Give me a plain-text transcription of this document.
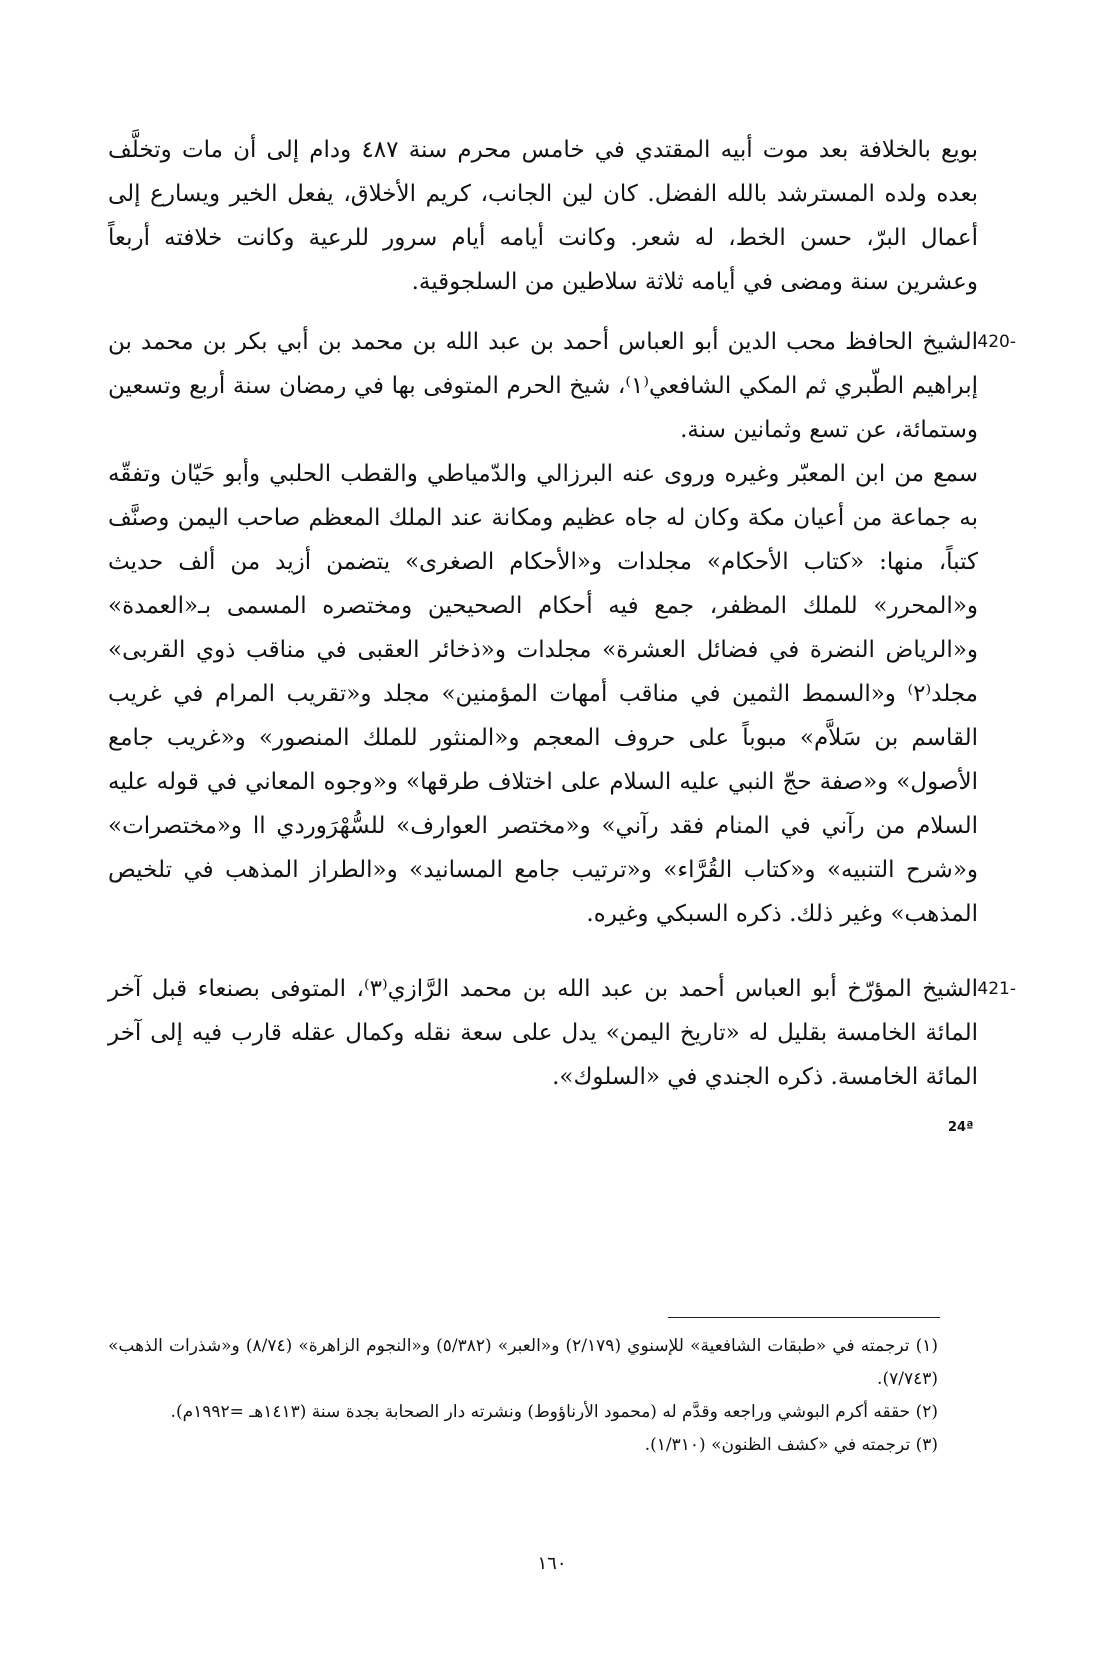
بويع بالخلافة بعد موت أبيه المقتدي في خامس محرم سنة ٤٨٧ ودام إلى أن مات وتخلَّف بعده ولده المسترشد بالله الفضل. كان لين الجانب، كريم الأخلاق، يفعل الخير ويسارع إلى أعمال البرّ، حسن الخط، له شعر. وكانت أيامه أيام سرور للرعية وكانت خلافته أربعاً وعشرين سنة ومضى في أيامه ثلاثة سلاطين من السلجوقية.

420-

الشيخ الحافظ محب الدين أبو العباس أحمد بن عبد الله بن محمد بن أبي بكر بن محمد بن إبراهيم الطّبري ثم المكي الشافعي⁽١⁾، شيخ الحرم المتوفى بها في رمضان سنة أربع وتسعين وستمائة، عن تسع وثمانين سنة.

سمع من ابن المعبّر وغيره وروى عنه البرزالي والدّمياطي والقطب الحلبي وأبو حَيّان وتفقّه به جماعة من أعيان مكة وكان له جاه عظيم ومكانة عند الملك المعظم صاحب اليمن وصنَّف كتباً، منها: «كتاب الأحكام» مجلدات و«الأحكام الصغرى» يتضمن أزيد من ألف حديث و«المحرر» للملك المظفر، جمع فيه أحكام الصحيحين ومختصره المسمى بـ«العمدة» و«الرياض النضرة في فضائل العشرة» مجلدات و«ذخائر العقبى في مناقب ذوي القربى» مجلد⁽٢⁾ و«السمط الثمين في مناقب أمهات المؤمنين» مجلد و«تقريب المرام في غريب القاسم بن سَلاَّم» مبوباً على حروف المعجم و«المنثور للملك المنصور» و«غريب جامع الأصول» و«صفة حجّ النبي عليه السلام على اختلاف طرقها» و«وجوه المعاني في قوله عليه السلام من رآني في المنام فقد رآني» و«مختصر العوارف» للسُّهْرَوردي اا و«مختصرات» و«شرح التنبيه» و«كتاب القُرَّاء» و«ترتيب جامع المسانيد» و«الطراز المذهب في تلخيص المذهب» وغير ذلك. ذكره السبكي وغيره.

421-

الشيخ المؤرّخ أبو العباس أحمد بن عبد الله بن محمد الرَّازي⁽٣⁾، المتوفى بصنعاء قبل آخر المائة الخامسة بقليل له «تاريخ اليمن» يدل على سعة نقله وكمال عقله قارب فيه إلى آخر المائة الخامسة. ذكره الجندي في «السلوك».

24ª

(١) ترجمته في «طبقات الشافعية» للإسنوي (٢/١٧٩) و«العبر» (٥/٣٨٢) و«النجوم الزاهرة» (٨/٧٤) و«شذرات الذهب» (٧/٧٤٣).

(٢) حققه أكرم البوشي وراجعه وقدَّم له (محمود الأرناؤوط) ونشرته دار الصحابة بجدة سنة (١٤١٣هـ =١٩٩٢م).

(٣) ترجمته في «كشف الظنون» (١/٣١٠).

١٦٠
